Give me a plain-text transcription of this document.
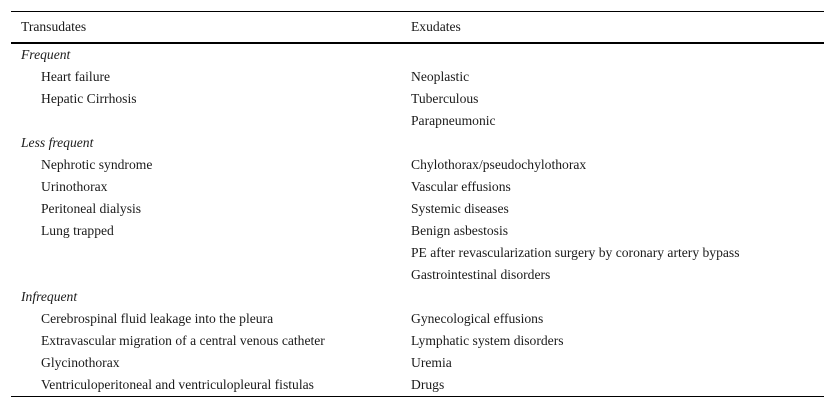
Transudates	Exudates
Frequent	
Heart failure	Neoplastic
Hepatic Cirrhosis	Tuberculous
	Parapneumonic
Less frequent	
Nephrotic syndrome	Chylothorax/pseudochylothorax
Urinothorax	Vascular effusions
Peritoneal dialysis	Systemic diseases
Lung trapped	Benign asbestosis
	PE after revascularization surgery by coronary artery bypass
	Gastrointestinal disorders
Infrequent	
Cerebrospinal fluid leakage into the pleura	Gynecological effusions
Extravascular migration of a central venous catheter	Lymphatic system disorders
Glycinothorax	Uremia
Ventriculoperitoneal and ventriculopleural fistulas	Drugs
